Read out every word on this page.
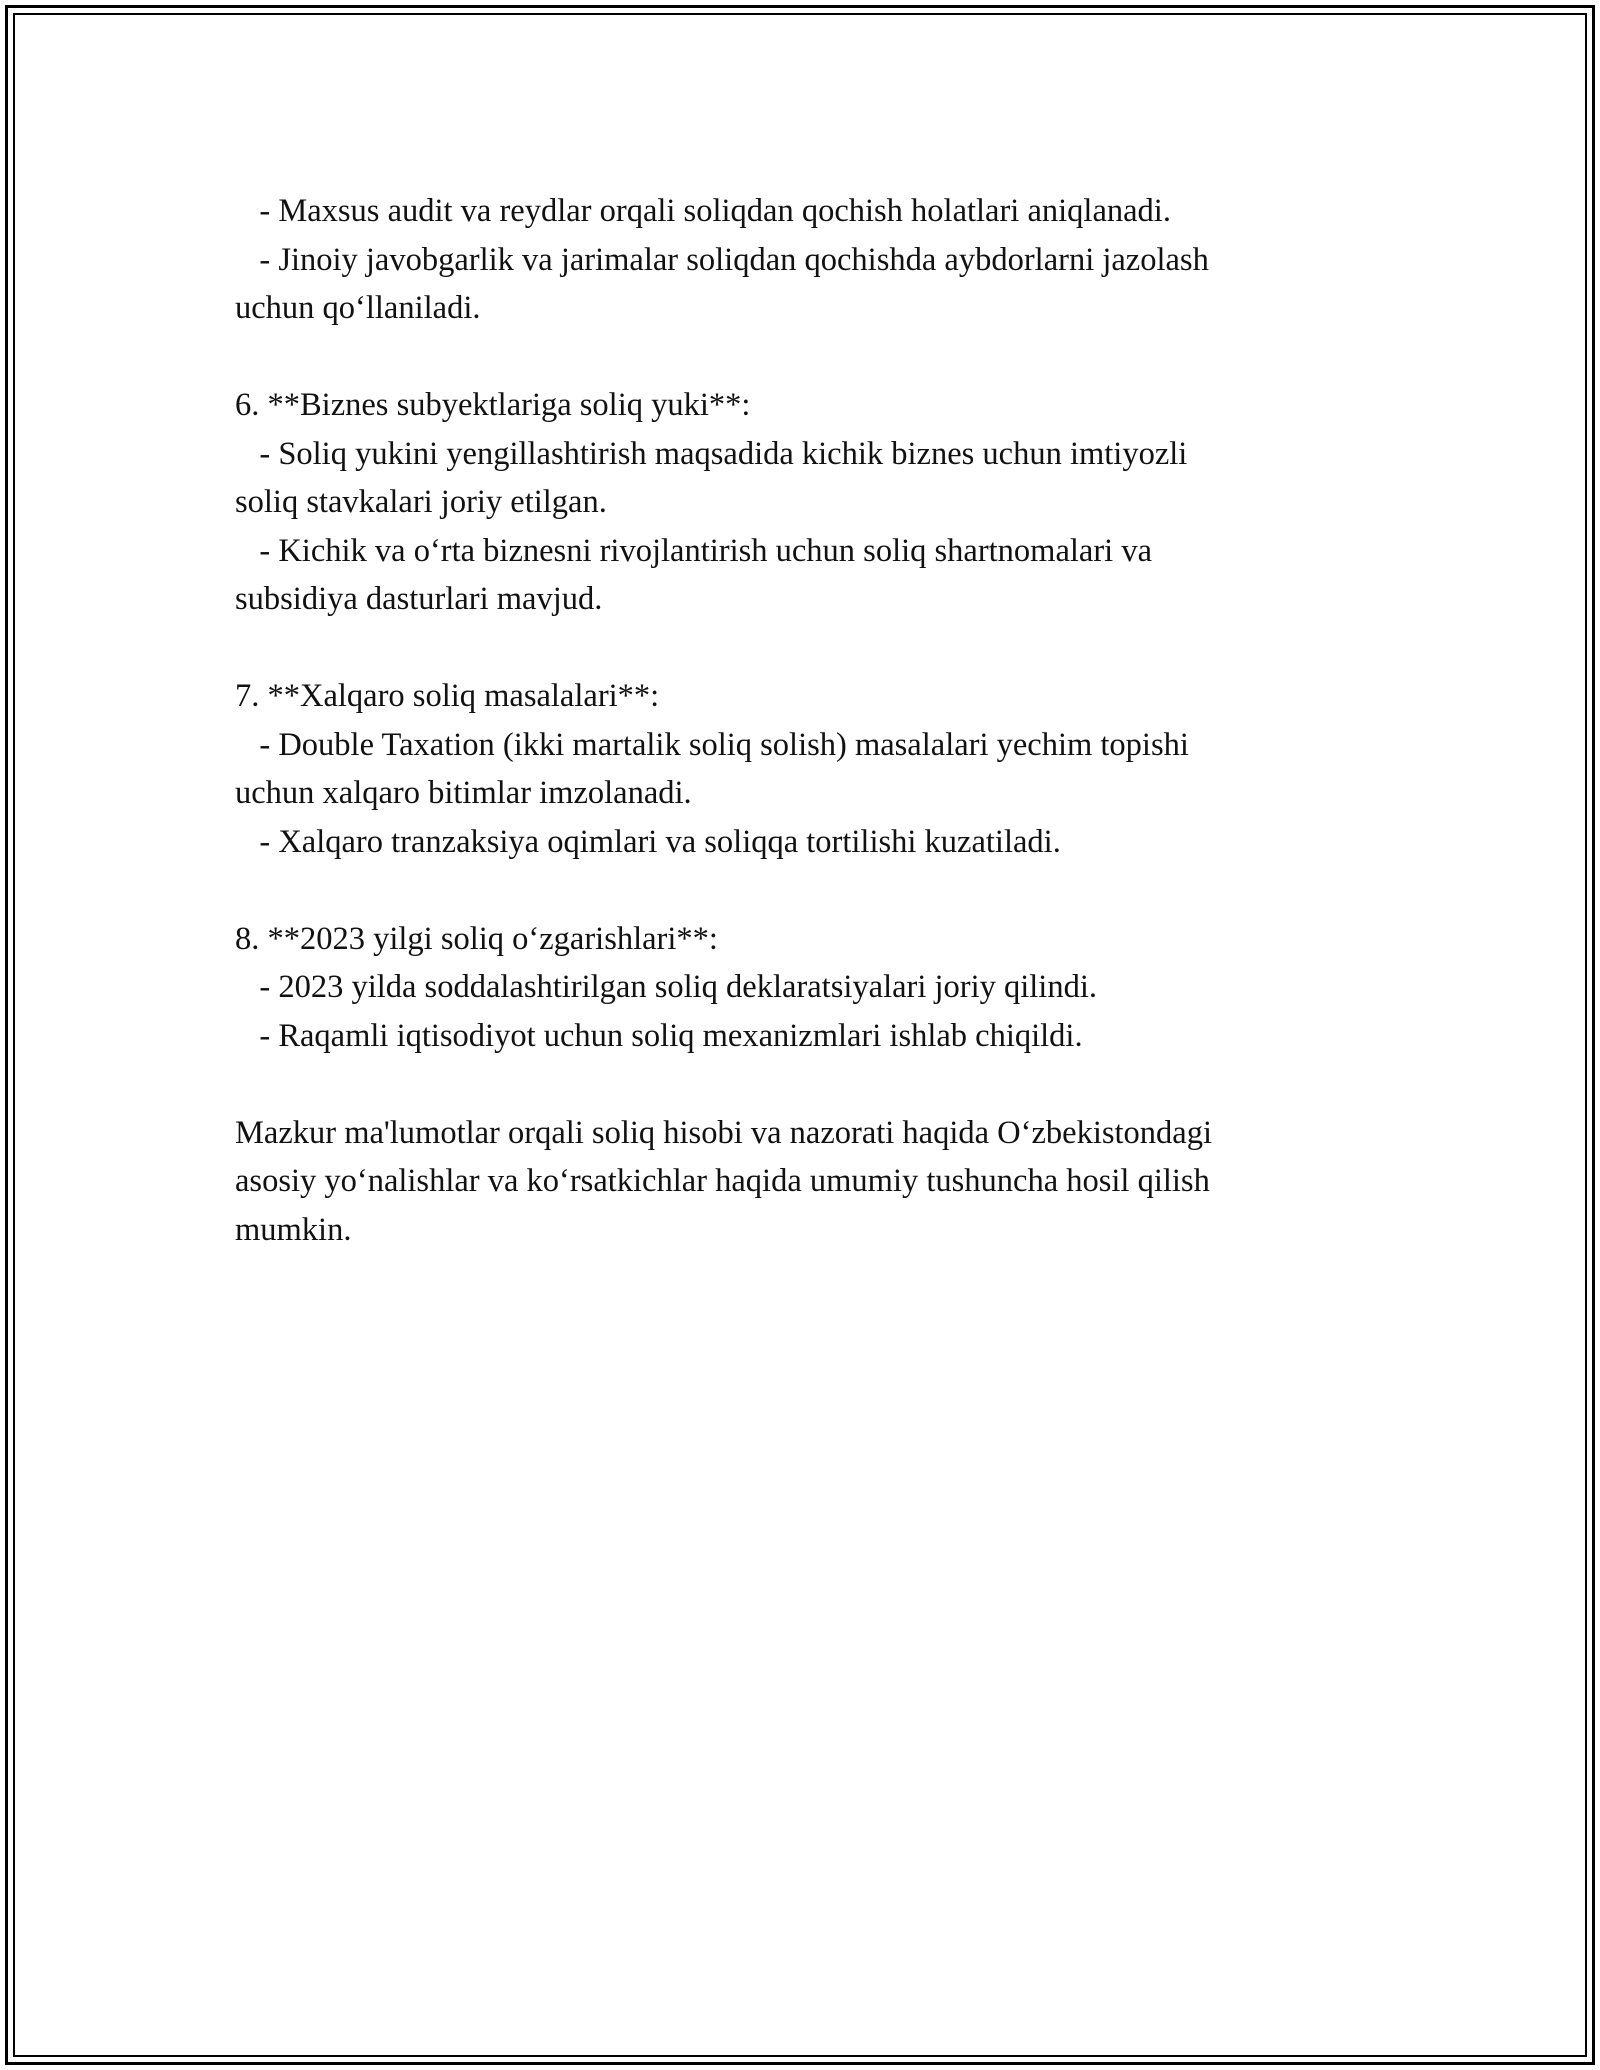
- Maxsus audit va reydlar orqali soliqdan qochish holatlari aniqlanadi.
- Jinoiy javobgarlik va jarimalar soliqdan qochishda aybdorlarni jazolash
uchun qo‘llaniladi.
6. **Biznes subyektlariga soliq yuki**:
- Soliq yukini yengillashtirish maqsadida kichik biznes uchun imtiyozli
soliq stavkalari joriy etilgan.
- Kichik va o‘rta biznesni rivojlantirish uchun soliq shartnomalari va
subsidiya dasturlari mavjud.
7. **Xalqaro soliq masalalari**:
- Double Taxation (ikki martalik soliq solish) masalalari yechim topishi
uchun xalqaro bitimlar imzolanadi.
- Xalqaro tranzaksiya oqimlari va soliqqa tortilishi kuzatiladi.
8. **2023 yilgi soliq o‘zgarishlari**:
- 2023 yilda soddalashtirilgan soliq deklaratsiyalari joriy qilindi.
- Raqamli iqtisodiyot uchun soliq mexanizmlari ishlab chiqildi.
Mazkur ma'lumotlar orqali soliq hisobi va nazorati haqida O‘zbekistondagi
asosiy yo‘nalishlar va ko‘rsatkichlar haqida umumiy tushuncha hosil qilish
mumkin.
